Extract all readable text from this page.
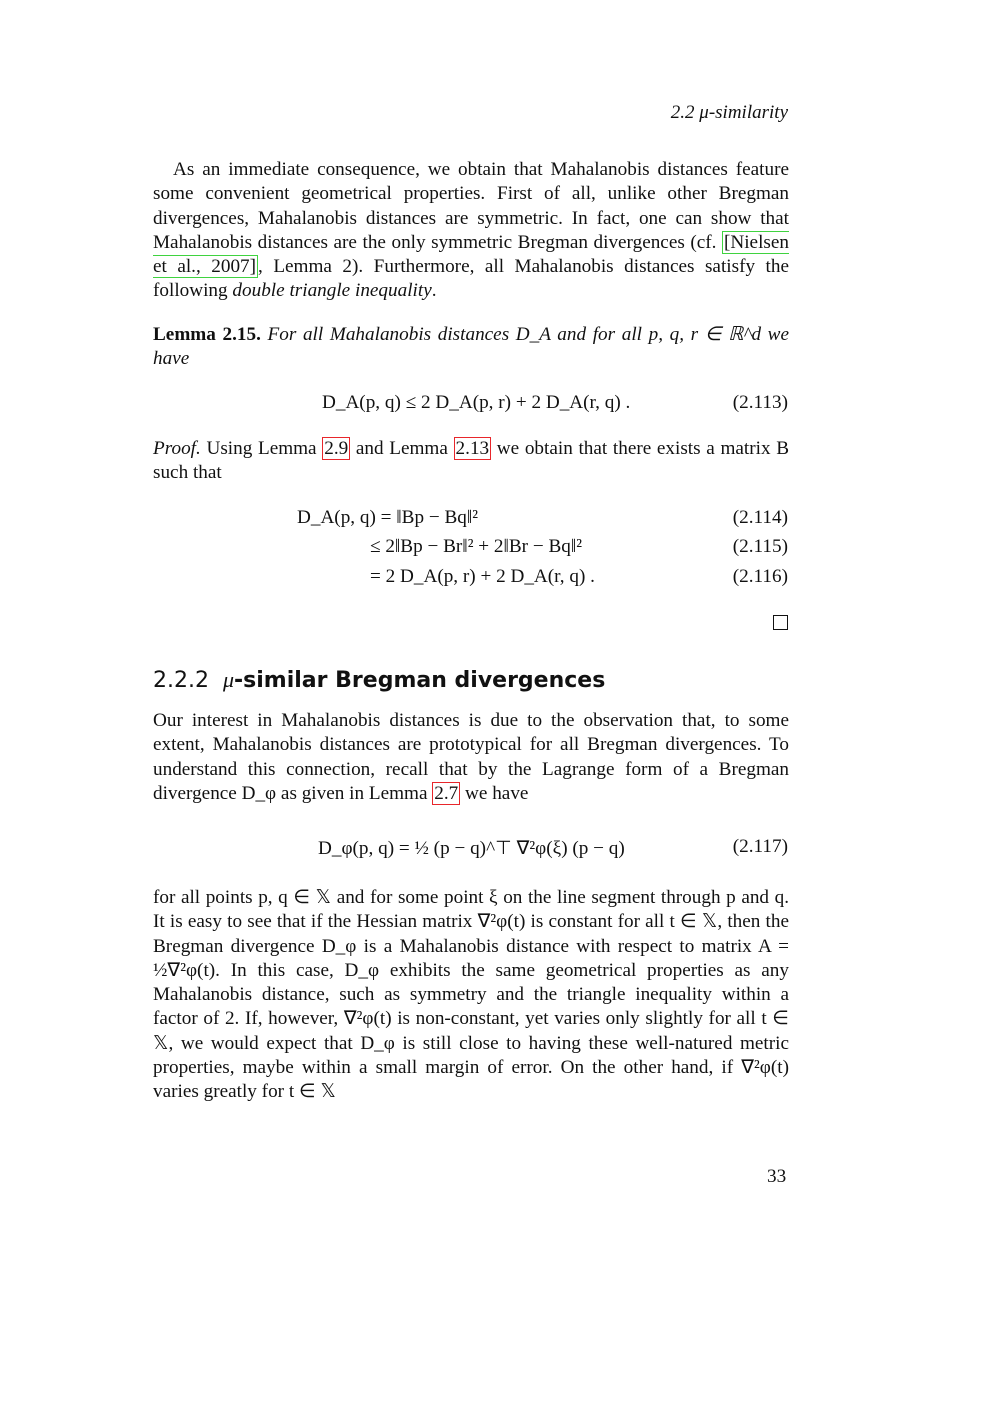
2.2 μ-similarity

As an immediate consequence, we obtain that Mahalanobis distances feature some convenient geometrical properties. First of all, unlike other Bregman divergences, Mahalanobis distances are symmetric. In fact, one can show that Mahalanobis distances are the only symmetric Bregman divergences (cf. [Nielsen et al., 2007] , Lemma 2). Furthermore, all Mahalanobis distances satisfy the following double triangle inequality.

Lemma 2.15. For all Mahalanobis distances D_A and for all p, q, r ∈ ℝ^d we have

D_A(p, q) ≤ 2 D_A(p, r) + 2 D_A(r, q) .	(2.113)

Proof. Using Lemma 2.9 and Lemma 2.13 we obtain that there exists a matrix B such that

D_A(p, q) = ‖Bp − Bq‖²	(2.114)
≤ 2‖Bp − Br‖² + 2‖Br − Bq‖²	(2.115)
= 2 D_A(p, r) + 2 D_A(r, q) .	(2.116)
2.2.2 μ-similar Bregman divergences

Our interest in Mahalanobis distances is due to the observation that, to some extent, Mahalanobis distances are prototypical for all Bregman divergences. To understand this connection, recall that by the Lagrange form of a Bregman divergence D_φ as given in Lemma 2.7 we have

D_φ(p, q) = ½ (p − q)^⊤ ∇²φ(ξ) (p − q)	(2.117)

for all points p, q ∈ 𝕏 and for some point ξ on the line segment through p and q. It is easy to see that if the Hessian matrix ∇²φ(t) is constant for all t ∈ 𝕏, then the Bregman divergence D_φ is a Mahalanobis distance with respect to matrix A = ½∇²φ(t). In this case, D_φ exhibits the same geometrical properties as any Mahalanobis distance, such as symmetry and the triangle inequality within a factor of 2. If, however, ∇²φ(t) is non-constant, yet varies only slightly for all t ∈ 𝕏, we would expect that D_φ is still close to having these well-natured metric properties, maybe within a small margin of error. On the other hand, if ∇²φ(t) varies greatly for t ∈ 𝕏

33
